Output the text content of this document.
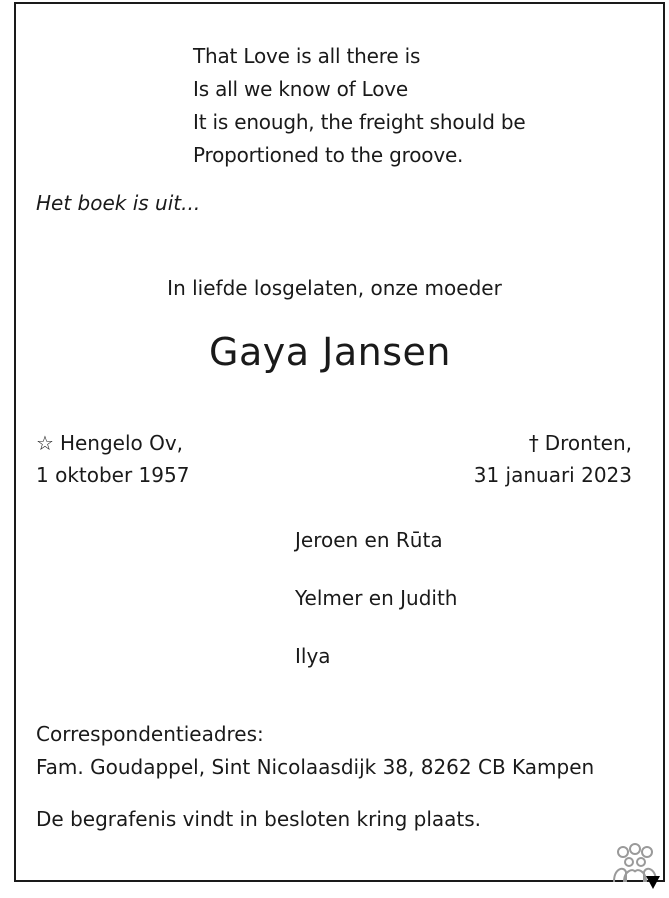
That Love is all there is
Is all we know of Love
It is enough, the freight should be
Proportioned to the groove.
Het boek is uit...
In liefde losgelaten, onze moeder
Gaya Jansen
☆ Hengelo Ov,
1 oktober 1957
† Dronten,
31 januari 2023
Jeroen en Rūta
Yelmer en Judith
Ilya
Correspondentieadres:
Fam. Goudappel, Sint Nicolaasdijk 38, 8262 CB Kampen
De begrafenis vindt in besloten kring plaats.
